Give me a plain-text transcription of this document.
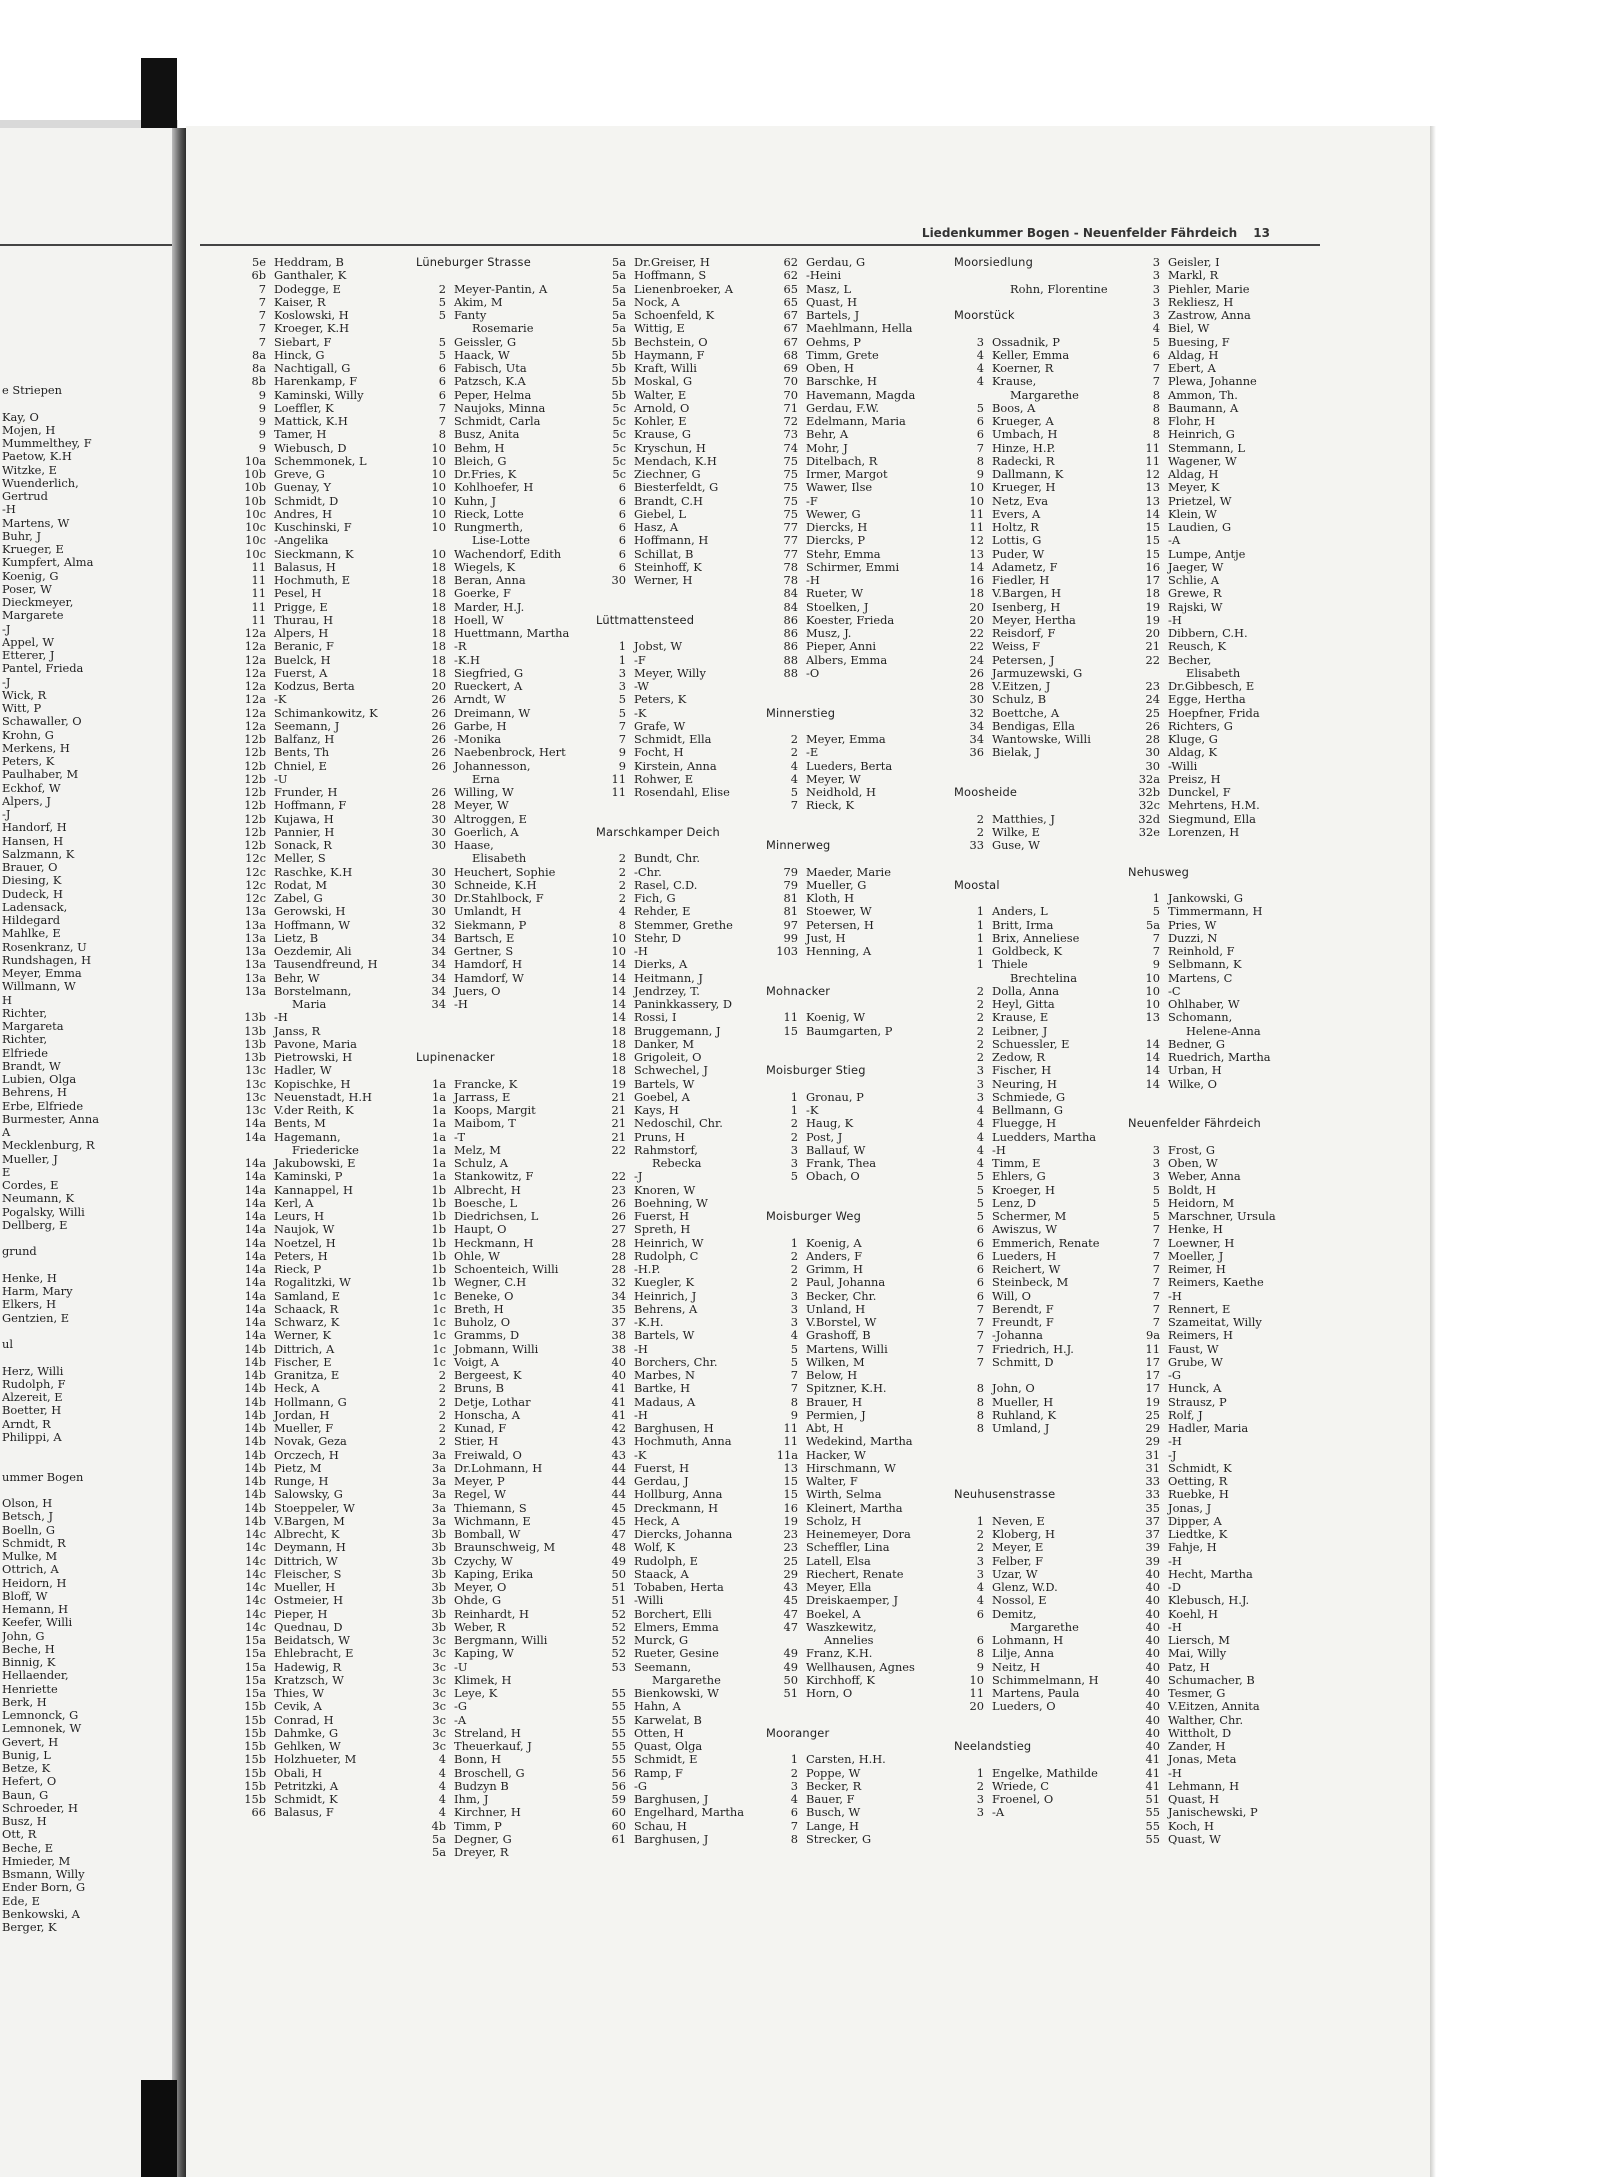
e Striepen
Kay, O
Mojen, H
Mummelthey, F
Paetow, K.H
Witzke, E
Wuenderlich,
Gertrud
-H
Martens, W
Buhr, J
Krueger, E
Kumpfert, Alma
Koenig, G
Poser, W
Dieckmeyer,
Margarete
-J
Appel, W
Etterer, J
Pantel, Frieda
-J
Wick, R
Witt, P
Schawaller, O
Krohn, G
Merkens, H
Peters, K
Paulhaber, M
Eckhof, W
Alpers, J
-J
Handorf, H
Hansen, H
Salzmann, K
Brauer, O
Diesing, K
Dudeck, H
Ladensack,
Hildegard
Mahlke, E
Rosenkranz, U
Rundshagen, H
Meyer, Emma
Willmann, W
H
Richter,
Margareta
Richter,
Elfriede
Brandt, W
Lubien, Olga
Behrens, H
Erbe, Elfriede
Burmester, Anna
A
Mecklenburg, R
Mueller, J
E
Cordes, E
Neumann, K
Pogalsky, Willi
Dellberg, E
grund
Henke, H
Harm, Mary
Elkers, H
Gentzien, E
ul
Herz, Willi
Rudolph, F
Alzereit, E
Boetter, H
Arndt, R
Philippi, A
ummer Bogen
Olson, H
Betsch, J
Boelln, G
Schmidt, R
Mulke, M
Ottrich, A
Heidorn, H
Bloff, W
Hemann, H
Keefer, Willi
John, G
Beche, H
Binnig, K
Hellaender,
Henriette
Berk, H
Lemnonck, G
Lemnonek, W
Gevert, H
Bunig, L
Betze, K
Hefert, O
Baun, G
Schroeder, H
Busz, H
Ott, R
Beche, E
Hmieder, M
Bsmann, Willy
Ender Born, G
Ede, E
Benkowski, A
Berger, K
Liedenkummer Bogen - Neuenfelder Fährdeich 13
5e Heddram, B
6b Ganthaler, K
7 Dodegge, E
7 Kaiser, R
7 Koslowski, H
7 Kroeger, K.H
7 Siebart, F
8a Hinck, G
8a Nachtigall, G
8b Harenkamp, F
9 Kaminski, Willy
9 Loeffler, K
9 Mattick, K.H
9 Tamer, H
9 Wiebusch, D
10a Schemmonek, L
10b Greve, G
10b Guenay, Y
10b Schmidt, D
10c Andres, H
10c Kuschinski, F
10c -Angelika
10c Sieckmann, K
11 Balasus, H
11 Hochmuth, E
11 Pesel, H
11 Prigge, E
11 Thurau, H
12a Alpers, H
12a Beranic, F
12a Buelck, H
12a Fuerst, A
12a Kodzus, Berta
12a -K
12a Schimankowitz, K
12a Seemann, J
12b Balfanz, H
12b Bents, Th
12b Chniel, E
12b -U
12b Frunder, H
12b Hoffmann, F
12b Kujawa, H
12b Pannier, H
12b Sonack, R
12c Meller, S
12c Raschke, K.H
12c Rodat, M
12c Zabel, G
13a Gerowski, H
13a Hoffmann, W
13a Lietz, B
13a Oezdemir, Ali
13a Tausendfreund, H
13a Behr, W
13a Borstelmann,
Maria
13b -H
13b Janss, R
13b Pavone, Maria
13b Pietrowski, H
13c Hadler, W
13c Kopischke, H
13c Neuenstadt, H.H
13c V.der Reith, K
14a Bents, M
14a Hagemann,
Friedericke
14a Jakubowski, E
14a Kaminski, P
14a Kannappel, H
14a Kerl, A
14a Leurs, H
14a Naujok, W
14a Noetzel, H
14a Peters, H
14a Rieck, P
14a Rogalitzki, W
14a Samland, E
14a Schaack, R
14a Schwarz, K
14a Werner, K
14b Dittrich, A
14b Fischer, E
14b Granitza, E
14b Heck, A
14b Hollmann, G
14b Jordan, H
14b Mueller, F
14b Novak, Geza
14b Orczech, H
14b Pietz, M
14b Runge, H
14b Salowsky, G
14b Stoeppeler, W
14b V.Bargen, M
14c Albrecht, K
14c Deymann, H
14c Dittrich, W
14c Fleischer, S
14c Mueller, H
14c Ostmeier, H
14c Pieper, H
14c Quednau, D
15a Beidatsch, W
15a Ehlebracht, E
15a Hadewig, R
15a Kratzsch, W
15a Thies, W
15b Cevik, A
15b Conrad, H
15b Dahmke, G
15b Gehlken, W
15b Holzhueter, M
15b Obali, H
15b Petritzki, A
15b Schmidt, K
66 Balasus, F
Lüneburger Strasse
2 Meyer-Pantin, A
5 Akim, M
5 Fanty
Rosemarie
5 Geissler, G
5 Haack, W
6 Fabisch, Uta
6 Patzsch, K.A
6 Peper, Helma
7 Naujoks, Minna
7 Schmidt, Carla
8 Busz, Anita
10 Behm, H
10 Bleich, G
10 Dr.Fries, K
10 Kohlhoefer, H
10 Kuhn, J
10 Rieck, Lotte
10 Rungmerth,
Lise-Lotte
10 Wachendorf, Edith
18 Wiegels, K
18 Beran, Anna
18 Goerke, F
18 Marder, H.J.
18 Hoell, W
18 Huettmann, Martha
18 -R
18 -K.H
18 Siegfried, G
20 Rueckert, A
26 Arndt, W
26 Dreimann, W
26 Garbe, H
26 -Monika
26 Naebenbrock, Hert
26 Johannesson,
Erna
26 Willing, W
28 Meyer, W
30 Altroggen, E
30 Goerlich, A
30 Haase,
Elisabeth
30 Heuchert, Sophie
30 Schneide, K.H
30 Dr.Stahlbock, F
30 Umlandt, H
32 Siekmann, P
34 Bartsch, E
34 Gertner, S
34 Hamdorf, H
34 Hamdorf, W
34 Juers, O
34 -H
Lupinenacker
1a Francke, K
1a Jarrass, E
1a Koops, Margit
1a Maibom, T
1a -T
1a Melz, M
1a Schulz, A
1a Stankowitz, F
1b Albrecht, H
1b Boesche, L
1b Diedrichsen, L
1b Haupt, O
1b Heckmann, H
1b Ohle, W
1b Schoenteich, Willi
1b Wegner, C.H
1c Beneke, O
1c Breth, H
1c Buholz, O
1c Gramms, D
1c Jobmann, Willi
1c Voigt, A
2 Bergeest, K
2 Bruns, B
2 Detje, Lothar
2 Honscha, A
2 Kunad, F
2 Stier, H
3a Freiwald, O
3a Dr.Lohmann, H
3a Meyer, P
3a Regel, W
3a Thiemann, S
3a Wichmann, E
3b Bomball, W
3b Braunschweig, M
3b Czychy, W
3b Kaping, Erika
3b Meyer, O
3b Ohde, G
3b Reinhardt, H
3b Weber, R
3c Bergmann, Willi
3c Kaping, W
3c -U
3c Klimek, H
3c Leye, K
3c -G
3c -A
3c Streland, H
3c Theuerkauf, J
4 Bonn, H
4 Broschell, G
4 Budzyn B
4 Ihm, J
4 Kirchner, H
4b Timm, P
5a Degner, G
5a Dreyer, R
5a Dr.Greiser, H
5a Hoffmann, S
5a Lienenbroeker, A
5a Nock, A
5a Schoenfeld, K
5a Wittig, E
5b Bechstein, O
5b Haymann, F
5b Kraft, Willi
5b Moskal, G
5b Walter, E
5c Arnold, O
5c Kohler, E
5c Krause, G
5c Kryschun, H
5c Mendach, K.H
5c Ziechner, G
6 Biesterfeldt, G
6 Brandt, C.H
6 Giebel, L
6 Hasz, A
6 Hoffmann, H
6 Schillat, B
6 Steinhoff, K
30 Werner, H
Lüttmattensteed
1 Jobst, W
1 -F
3 Meyer, Willy
3 -W
5 Peters, K
5 -K
7 Grafe, W
7 Schmidt, Ella
9 Focht, H
9 Kirstein, Anna
11 Rohwer, E
11 Rosendahl, Elise
Marschkamper Deich
2 Bundt, Chr.
2 -Chr.
2 Rasel, C.D.
2 Fich, G
4 Rehder, E
8 Stemmer, Grethe
10 Stehr, D
10 -H
14 Dierks, A
14 Heitmann, J
14 Jendrzey, T.
14 Paninkkassery, D
14 Rossi, I
18 Bruggemann, J
18 Danker, M
18 Grigoleit, O
18 Schwechel, J
19 Bartels, W
21 Goebel, A
21 Kays, H
21 Nedoschil, Chr.
21 Pruns, H
22 Rahmstorf,
Rebecka
22 -J
23 Knoren, W
26 Boehning, W
26 Fuerst, H
27 Spreth, H
28 Heinrich, W
28 Rudolph, C
28 -H.P.
32 Kuegler, K
34 Heinrich, J
35 Behrens, A
37 -K.H.
38 Bartels, W
38 -H
40 Borchers, Chr.
40 Marbes, N
41 Bartke, H
41 Madaus, A
41 -H
42 Barghusen, H
43 Hochmuth, Anna
43 -K
44 Fuerst, H
44 Gerdau, J
44 Hollburg, Anna
45 Dreckmann, H
45 Heck, A
47 Diercks, Johanna
48 Wolf, K
49 Rudolph, E
50 Staack, A
51 Tobaben, Herta
51 -Willi
52 Borchert, Elli
52 Elmers, Emma
52 Murck, G
52 Rueter, Gesine
53 Seemann,
Margarethe
55 Bienkowski, W
55 Hahn, A
55 Karwelat, B
55 Otten, H
55 Quast, Olga
55 Schmidt, E
56 Ramp, F
56 -G
59 Barghusen, J
60 Engelhard, Martha
60 Schau, H
61 Barghusen, J
62 Gerdau, G
62 -Heini
65 Masz, L
65 Quast, H
67 Bartels, J
67 Maehlmann, Hella
67 Oehms, P
68 Timm, Grete
69 Oben, H
70 Barschke, H
70 Havemann, Magda
71 Gerdau, F.W.
72 Edelmann, Maria
73 Behr, A
74 Mohr, J
75 Ditelbach, R
75 Irmer, Margot
75 Wawer, Ilse
75 -F
75 Wewer, G
77 Diercks, H
77 Diercks, P
77 Stehr, Emma
78 Schirmer, Emmi
78 -H
84 Rueter, W
84 Stoelken, J
86 Koester, Frieda
86 Musz, J.
86 Pieper, Anni
88 Albers, Emma
88 -O
Minnerstieg
2 Meyer, Emma
2 -E
4 Lueders, Berta
4 Meyer, W
5 Neidhold, H
7 Rieck, K
Minnerweg
79 Maeder, Marie
79 Mueller, G
81 Kloth, H
81 Stoewer, W
97 Petersen, H
99 Just, H
103 Henning, A
Mohnacker
11 Koenig, W
15 Baumgarten, P
Moisburger Stieg
1 Gronau, P
1 -K
2 Haug, K
2 Post, J
3 Ballauf, W
3 Frank, Thea
5 Obach, O
Moisburger Weg
1 Koenig, A
2 Anders, F
2 Grimm, H
2 Paul, Johanna
3 Becker, Chr.
3 Unland, H
3 V.Borstel, W
4 Grashoff, B
5 Martens, Willi
5 Wilken, M
7 Below, H
7 Spitzner, K.H.
8 Brauer, H
9 Permien, J
11 Abt, H
11 Wedekind, Martha
11a Hacker, W
13 Hirschmann, W
15 Walter, F
15 Wirth, Selma
16 Kleinert, Martha
19 Scholz, H
23 Heinemeyer, Dora
23 Scheffler, Lina
25 Latell, Elsa
29 Riechert, Renate
43 Meyer, Ella
45 Dreiskaemper, J
47 Boekel, A
47 Waszkewitz,
Annelies
49 Franz, K.H.
49 Wellhausen, Agnes
50 Kirchhoff, K
51 Horn, O
Mooranger
1 Carsten, H.H.
2 Poppe, W
3 Becker, R
4 Bauer, F
6 Busch, W
7 Lange, H
8 Strecker, G
Moorsiedlung
Rohn, Florentine
Moorstück
3 Ossadnik, P
4 Keller, Emma
4 Koerner, R
4 Krause,
Margarethe
5 Boos, A
6 Krueger, A
6 Umbach, H
7 Hinze, H.P.
8 Radecki, R
9 Dallmann, K
10 Krueger, H
10 Netz, Eva
11 Evers, A
11 Holtz, R
12 Lottis, G
13 Puder, W
14 Adametz, F
16 Fiedler, H
18 V.Bargen, H
20 Isenberg, H
20 Meyer, Hertha
22 Reisdorf, F
22 Weiss, F
24 Petersen, J
26 Jarmuzewski, G
28 V.Eitzen, J
30 Schulz, B
32 Boettche, A
34 Bendigas, Ella
34 Wantowske, Willi
36 Bielak, J
Moosheide
2 Matthies, J
2 Wilke, E
33 Guse, W
Moostal
1 Anders, L
1 Britt, Irma
1 Brix, Anneliese
1 Goldbeck, K
1 Thiele
Brechtelina
2 Dolla, Anna
2 Heyl, Gitta
2 Krause, E
2 Leibner, J
2 Schuessler, E
2 Zedow, R
3 Fischer, H
3 Neuring, H
3 Schmiede, G
4 Bellmann, G
4 Fluegge, H
4 Luedders, Martha
4 -H
4 Timm, E
5 Ehlers, G
5 Kroeger, H
5 Lenz, D
5 Schermer, M
6 Awiszus, W
6 Emmerich, Renate
6 Lueders, H
6 Reichert, W
6 Steinbeck, M
6 Will, O
7 Berendt, F
7 Freundt, F
7 -Johanna
7 Friedrich, H.J.
7 Schmitt, D
8 John, O
8 Mueller, H
8 Ruhland, K
8 Umland, J
Neuhusenstrasse
1 Neven, E
2 Kloberg, H
2 Meyer, E
3 Felber, F
3 Uzar, W
4 Glenz, W.D.
4 Nossol, E
6 Demitz,
Margarethe
6 Lohmann, H
8 Lilje, Anna
9 Neitz, H
10 Schimmelmann, H
11 Martens, Paula
20 Lueders, O
Neelandstieg
1 Engelke, Mathilde
2 Wriede, C
3 Froenel, O
3 -A
3 Geisler, I
3 Markl, R
3 Piehler, Marie
3 Rekliesz, H
3 Zastrow, Anna
4 Biel, W
5 Buesing, F
6 Aldag, H
7 Ebert, A
7 Plewa, Johanne
8 Ammon, Th.
8 Baumann, A
8 Flohr, H
8 Heinrich, G
11 Stemmann, L
11 Wagener, W
12 Aldag, H
13 Meyer, K
13 Prietzel, W
14 Klein, W
15 Laudien, G
15 -A
15 Lumpe, Antje
16 Jaeger, W
17 Schlie, A
18 Grewe, R
19 Rajski, W
19 -H
20 Dibbern, C.H.
21 Reusch, K
22 Becher,
Elisabeth
23 Dr.Gibbesch, E
24 Egge, Hertha
25 Hoepfner, Frida
26 Richters, G
28 Kluge, G
30 Aldag, K
30 -Willi
32a Preisz, H
32b Dunckel, F
32c Mehrtens, H.M.
32d Siegmund, Ella
32e Lorenzen, H
Nehusweg
1 Jankowski, G
5 Timmermann, H
5a Pries, W
7 Duzzi, N
7 Reinhold, F
9 Selbmann, K
10 Martens, C
10 -C
10 Ohlhaber, W
13 Schomann,
Helene-Anna
14 Bedner, G
14 Ruedrich, Martha
14 Urban, H
14 Wilke, O
Neuenfelder Fährdeich
3 Frost, G
3 Oben, W
3 Weber, Anna
5 Boldt, H
5 Heidorn, M
5 Marschner, Ursula
7 Henke, H
7 Loewner, H
7 Moeller, J
7 Reimer, H
7 Reimers, Kaethe
7 -H
7 Rennert, E
7 Szameitat, Willy
9a Reimers, H
11 Faust, W
17 Grube, W
17 -G
17 Hunck, A
19 Strausz, P
25 Rolf, J
29 Hadler, Maria
29 -H
31 -J
31 Schmidt, K
33 Oetting, R
33 Ruebke, H
35 Jonas, J
37 Dipper, A
37 Liedtke, K
39 Fahje, H
39 -H
40 Hecht, Martha
40 -D
40 Klebusch, H.J.
40 Koehl, H
40 -H
40 Liersch, M
40 Mai, Willy
40 Patz, H
40 Schumacher, B
40 Tesmer, G
40 V.Eitzen, Annita
40 Walther, Chr.
40 Wittholt, D
40 Zander, H
41 Jonas, Meta
41 -H
41 Lehmann, H
51 Quast, H
55 Janischewski, P
55 Koch, H
55 Quast, W
